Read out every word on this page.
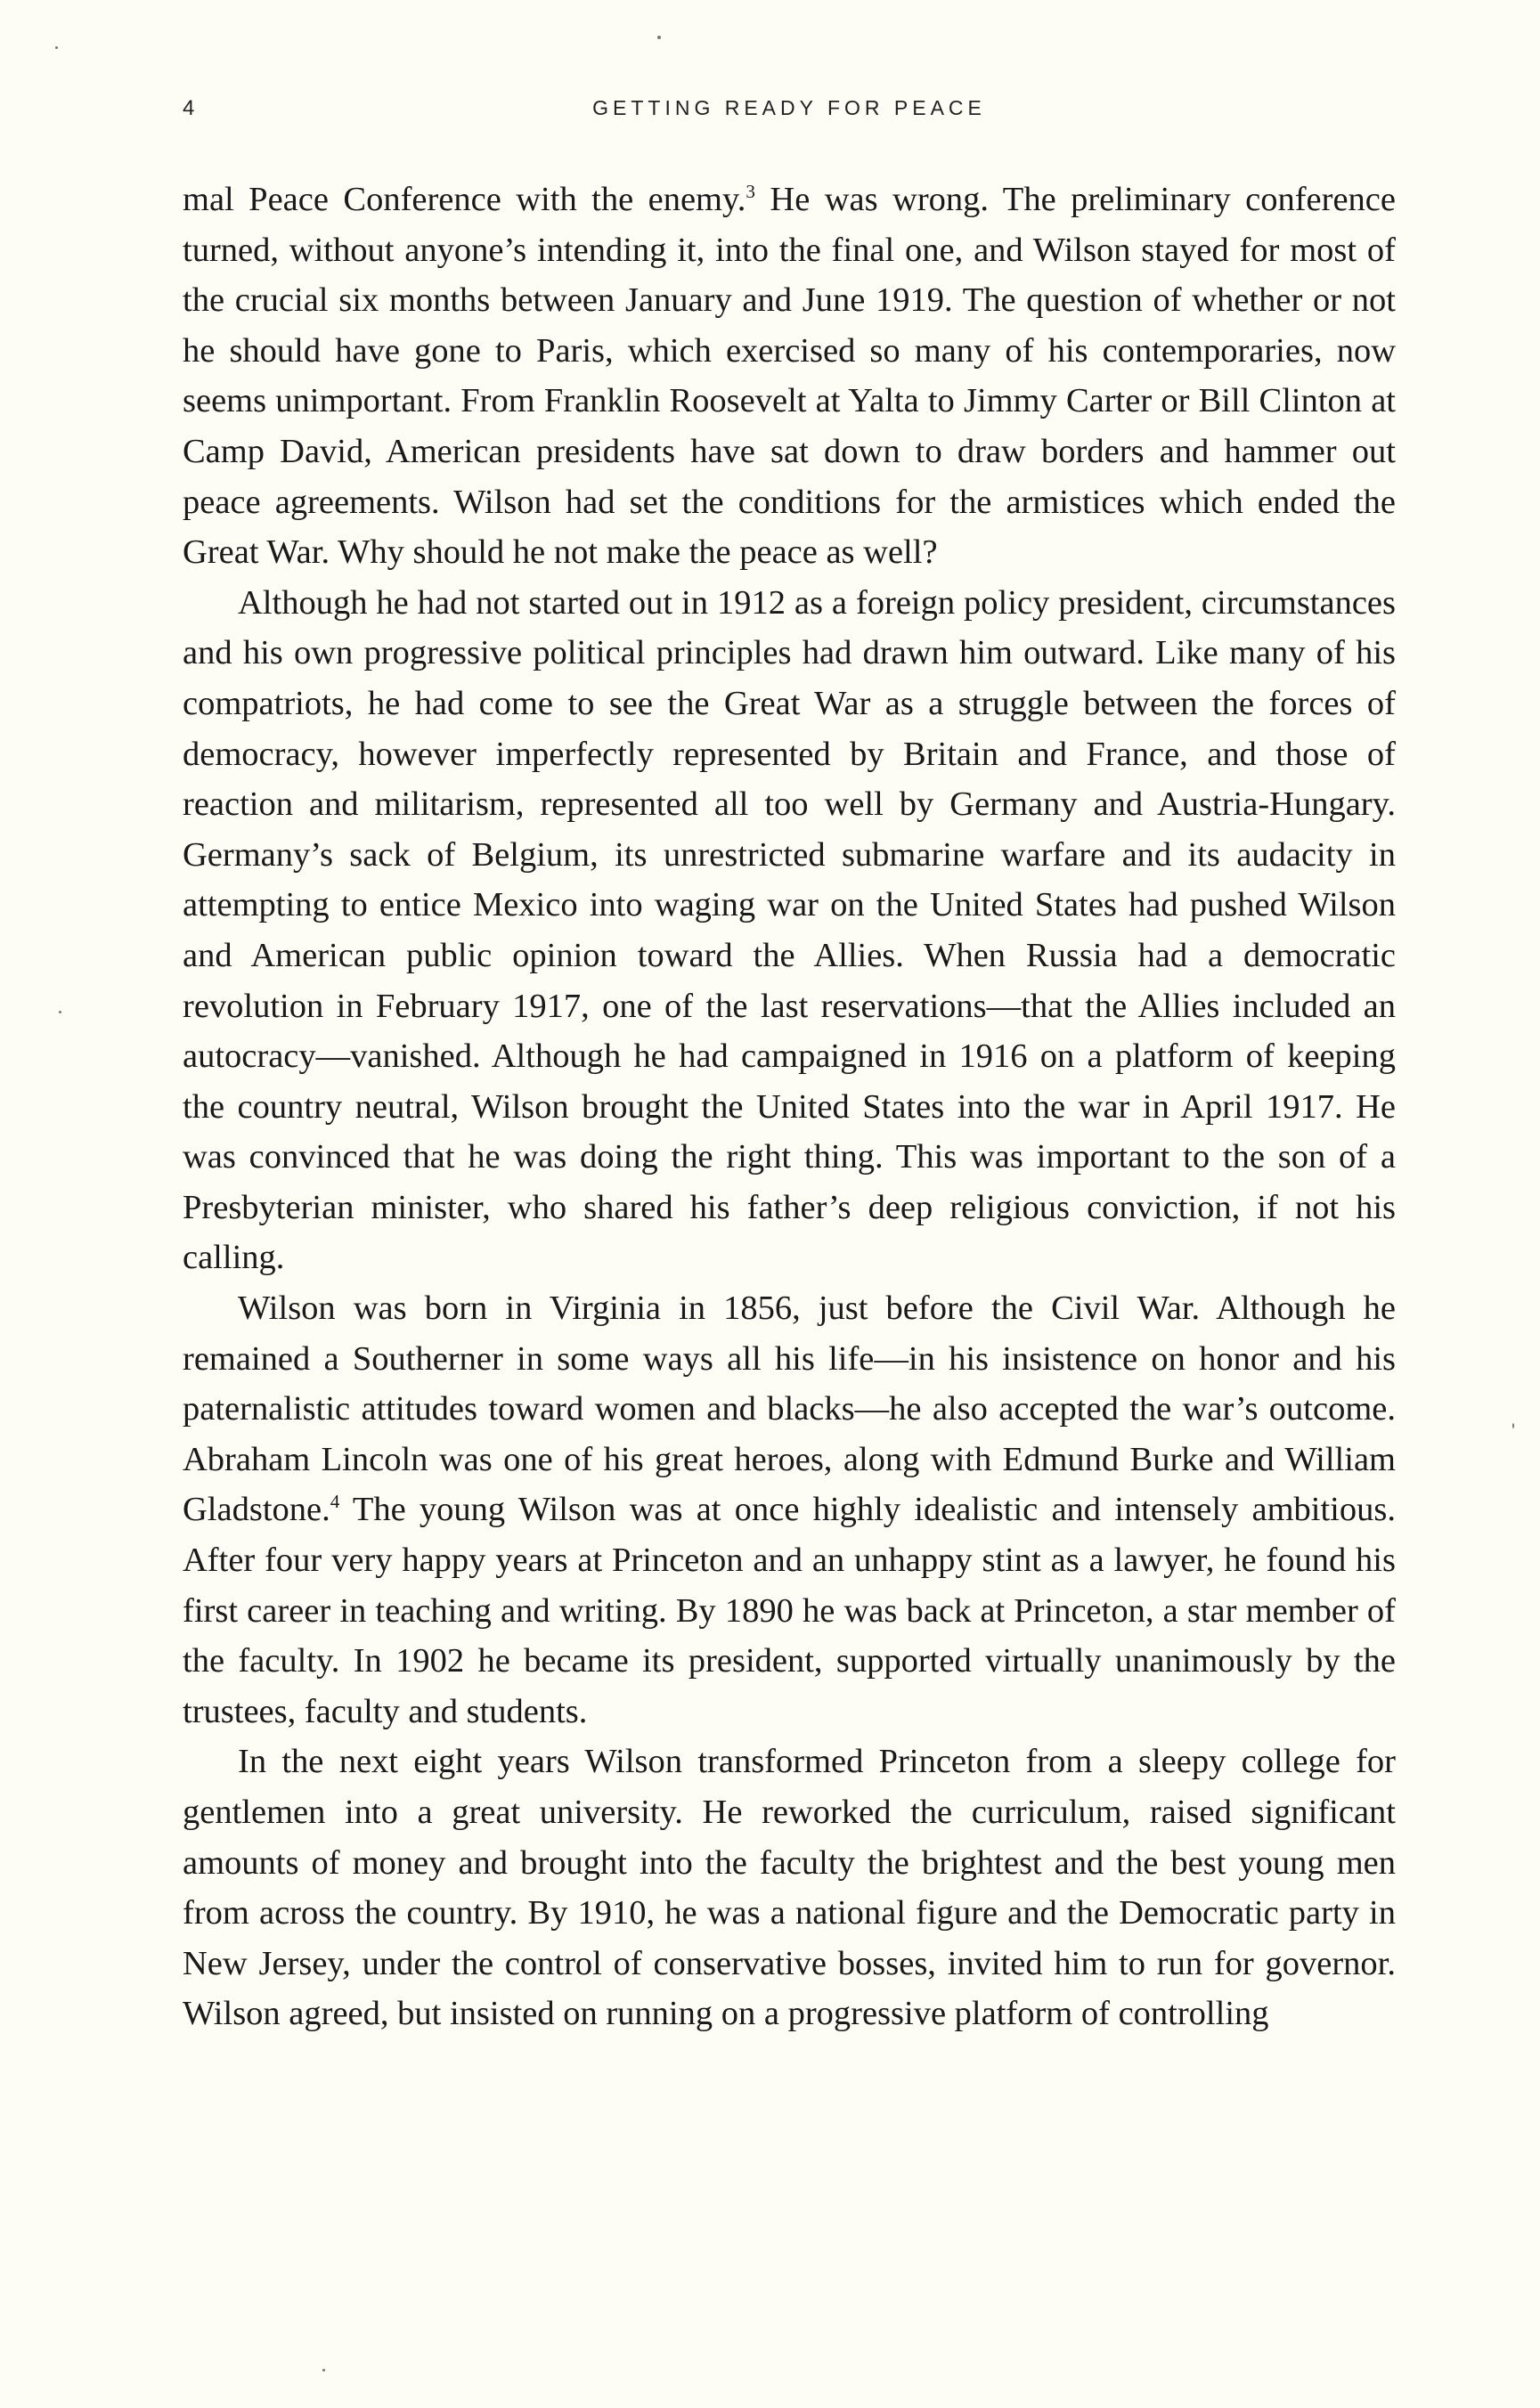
4	GETTING READY FOR PEACE

mal Peace Conference with the enemy.$^3$ He was wrong. The preliminary conference turned, without anyone’s intending it, into the final one, and Wilson stayed for most of the crucial six months between January and June 1919. The question of whether or not he should have gone to Paris, which exercised so many of his contemporaries, now seems unimportant. From Franklin Roosevelt at Yalta to Jimmy Carter or Bill Clinton at Camp David, American presidents have sat down to draw borders and hammer out peace agreements. Wilson had set the conditions for the armistices which ended the Great War. Why should he not make the peace as well?

Although he had not started out in 1912 as a foreign policy president, circumstances and his own progressive political principles had drawn him outward. Like many of his compatriots, he had come to see the Great War as a struggle between the forces of democracy, however imperfectly represented by Britain and France, and those of reaction and militarism, represented all too well by Germany and Austria-Hungary. Germany’s sack of Belgium, its unrestricted submarine warfare and its audacity in attempting to entice Mexico into waging war on the United States had pushed Wilson and American public opinion toward the Allies. When Russia had a democratic revolution in February 1917, one of the last reservations—that the Allies included an autocracy—vanished. Although he had campaigned in 1916 on a platform of keeping the country neutral, Wilson brought the United States into the war in April 1917. He was convinced that he was doing the right thing. This was important to the son of a Presbyterian minister, who shared his father’s deep religious conviction, if not his calling.

Wilson was born in Virginia in 1856, just before the Civil War. Although he remained a Southerner in some ways all his life—in his insistence on honor and his paternalistic attitudes toward women and blacks—he also accepted the war’s outcome. Abraham Lincoln was one of his great heroes, along with Edmund Burke and William Gladstone.$^4$ The young Wilson was at once highly idealistic and intensely ambitious. After four very happy years at Princeton and an unhappy stint as a lawyer, he found his first career in teaching and writing. By 1890 he was back at Princeton, a star member of the faculty. In 1902 he became its president, supported virtually unanimously by the trustees, faculty and students.

In the next eight years Wilson transformed Princeton from a sleepy college for gentlemen into a great university. He reworked the curriculum, raised significant amounts of money and brought into the faculty the brightest and the best young men from across the country. By 1910, he was a national figure and the Democratic party in New Jersey, under the control of conservative bosses, invited him to run for governor. Wilson agreed, but insisted on running on a progressive platform of controlling
